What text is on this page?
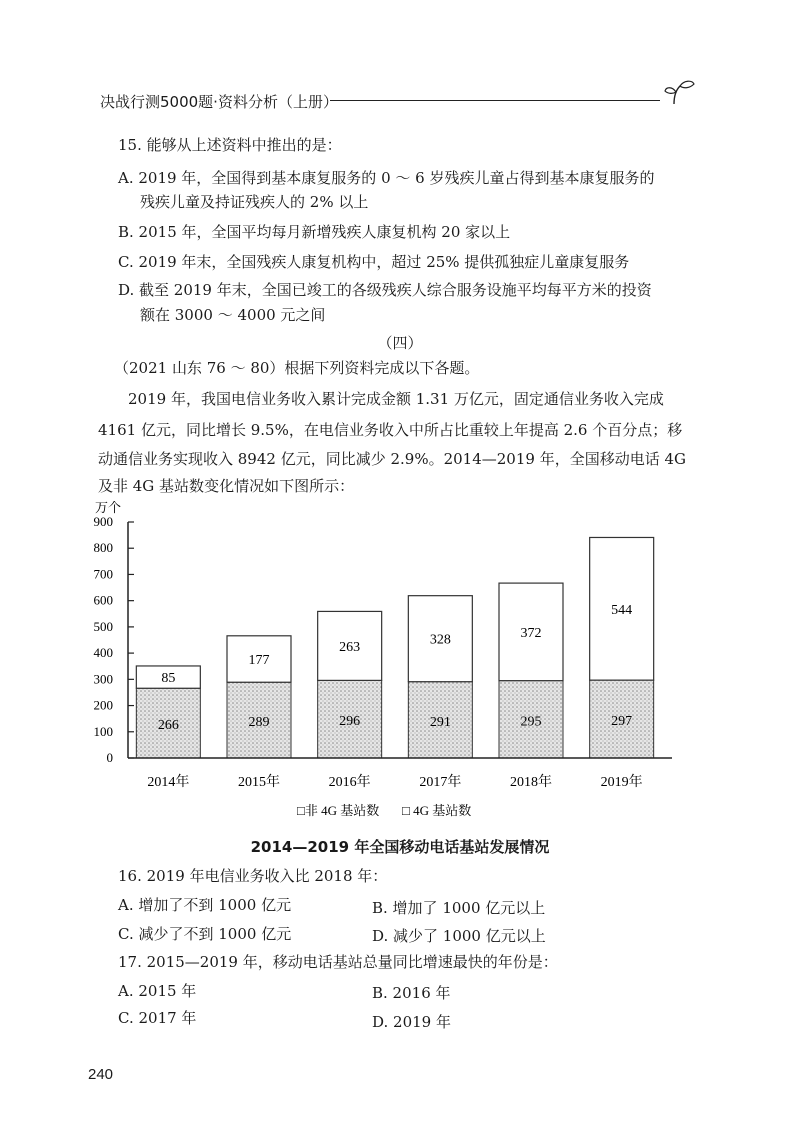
决战行测5000题·资料分析（上册）
15. 能够从上述资料中推出的是：
A. 2019 年，全国得到基本康复服务的 0 ～ 6 岁残疾儿童占得到基本康复服务的
残疾儿童及持证残疾人的 2% 以上
B. 2015 年，全国平均每月新增残疾人康复机构 20 家以上
C. 2019 年末，全国残疾人康复机构中，超过 25% 提供孤独症儿童康复服务
D. 截至 2019 年末，全国已竣工的各级残疾人综合服务设施平均每平方米的投资
额在 3000 ～ 4000 元之间
（四）
（2021 山东 76 ～ 80）根据下列资料完成以下各题。
2019 年，我国电信业务收入累计完成金额 1.31 万亿元，固定通信业务收入完成
4161 亿元，同比增长 9.5%，在电信业务收入中所占比重较上年提高 2.6 个百分点；移
动通信业务实现收入 8942 亿元，同比减少 2.9%。2014—2019 年，全国移动电话 4G
及非 4G 基站数变化情况如下图所示：
万个
0
100
200
300
400
500
600
700
800
900
266
85
289
177
296
263
291
328
295
372
297
544
2014年	2015年	2016年	2017年	2018年	2019年
□非 4G 基站数 □ 4G 基站数
2014—2019 年全国移动电话基站发展情况
16. 2019 年电信业务收入比 2018 年：
A. 增加了不到 1000 亿元	B. 增加了 1000 亿元以上
C. 减少了不到 1000 亿元	D. 减少了 1000 亿元以上
17. 2015—2019 年，移动电话基站总量同比增速最快的年份是：
A. 2015 年	B. 2016 年
C. 2017 年	D. 2019 年
240
